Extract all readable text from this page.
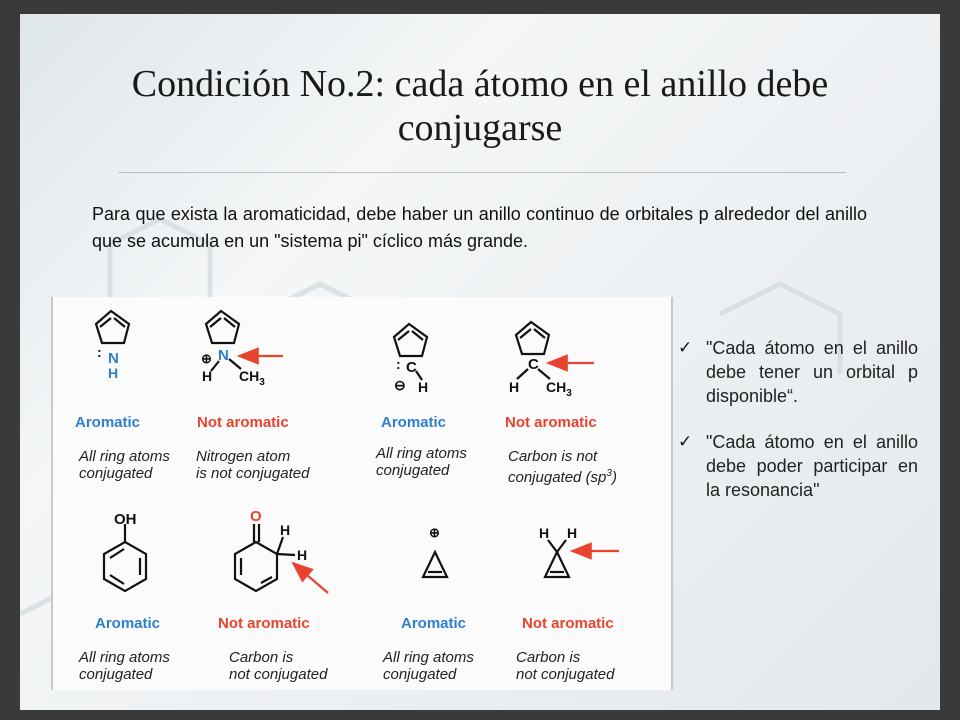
Condición No.2: cada átomo en el anillo debe conjugarse
Para que exista la aromaticidad, debe haber un anillo continuo de orbitales p alrededor del anillo que se acumula en un "sistema pi" cíclico más grande.
N
H
:	⊕ N
H $CH_3$
C
:
⊖ H
C
H $CH_3$
OH	O
H
H
⊕	H H
Aromatic	Not aromatic	Aromatic	Not aromatic
All ring atoms
conjugated
Nitrogen atom
is not conjugated
All ring atoms
conjugated
Carbon is not
conjugated $(sp^3)$
Aromatic	Not aromatic	Aromatic	Not aromatic
All ring atoms
conjugated
Carbon is
not conjugated
All ring atoms
conjugated
Carbon is
not conjugated
✓ "Cada átomo en el anillo debe tener un orbital p disponible“.
✓ "Cada átomo en el anillo debe poder participar en la resonancia"
